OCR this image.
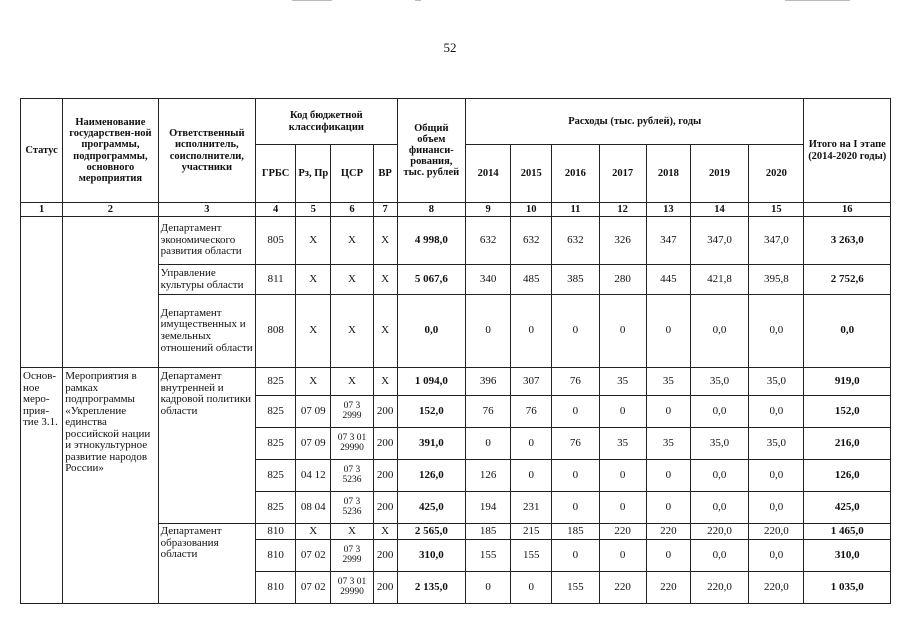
52
Статус	Наименование государствен-ной программы, подпрограммы, основного мероприятия	Ответственный исполнитель, соисполнители, участники	Код бюджетной классификации				Общий объем финанси-рования, тыс. рублей	Расходы (тыс. рублей), годы							Итого на I этапе (2014-2020 годы)
			ГРБС	Рз, Пр	ЦСР	ВР		2014	2015	2016	2017	2018	2019	2020	
1	2	3	4	5	6	7	8	9	10	11	12	13	14	15	16
		Департамент экономического развития области	805	Х	Х	Х	4 998,0	632	632	632	326	347	347,0	347,0	3 263,0
		Управление культуры области	811	Х	Х	Х	5 067,6	340	485	385	280	445	421,8	395,8	2 752,6
		Департамент имущественных и земельных отношений области	808	Х	Х	Х	0,0	0	0	0	0	0	0,0	0,0	0,0
Основ-ное меро-прия-тие 3.1.	Мероприятия в рамках подпрограммы «Укрепление единства российской нации и этнокультурное развитие народов России»	Департамент внутренней и кадровой политики области	825	Х	Х	Х	1 094,0	396	307	76	35	35	35,0	35,0	919,0
			825	07 09	07 3 2999	200	152,0	76	76	0	0	0	0,0	0,0	152,0
			825	07 09	07 3 01 29990	200	391,0	0	0	76	35	35	35,0	35,0	216,0
			825	04 12	07 3 5236	200	126,0	126	0	0	0	0	0,0	0,0	126,0
			825	08 04	07 3 5236	200	425,0	194	231	0	0	0	0,0	0,0	425,0
		Департамент образования области	810	Х	Х	Х	2 565,0	185	215	185	220	220	220,0	220,0	1 465,0
			810	07 02	07 3 2999	200	310,0	155	155	0	0	0	0,0	0,0	310,0
			810	07 02	07 3 01 29990	200	2 135,0	0	0	155	220	220	220,0	220,0	1 035,0
